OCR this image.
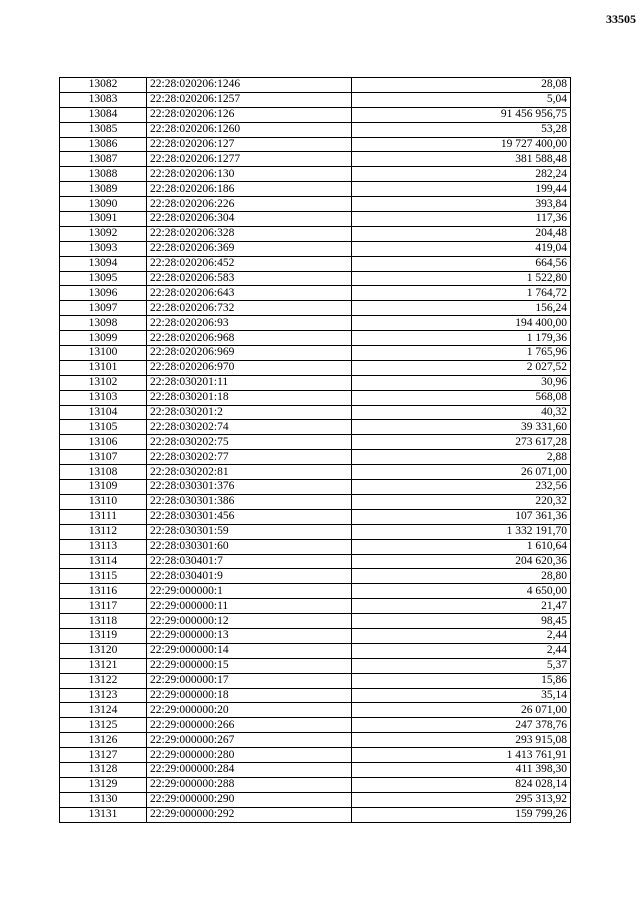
33505
13082	22:28:020206:1246	28,08
13083	22:28:020206:1257	5,04
13084	22:28:020206:126	91 456 956,75
13085	22:28:020206:1260	53,28
13086	22:28:020206:127	19 727 400,00
13087	22:28:020206:1277	381 588,48
13088	22:28:020206:130	282,24
13089	22:28:020206:186	199,44
13090	22:28:020206:226	393,84
13091	22:28:020206:304	117,36
13092	22:28:020206:328	204,48
13093	22:28:020206:369	419,04
13094	22:28:020206:452	664,56
13095	22:28:020206:583	1 522,80
13096	22:28:020206:643	1 764,72
13097	22:28:020206:732	156,24
13098	22:28:020206:93	194 400,00
13099	22:28:020206:968	1 179,36
13100	22:28:020206:969	1 765,96
13101	22:28:020206:970	2 027,52
13102	22:28:030201:11	30,96
13103	22:28:030201:18	568,08
13104	22:28:030201:2	40,32
13105	22:28:030202:74	39 331,60
13106	22:28:030202:75	273 617,28
13107	22:28:030202:77	2,88
13108	22:28:030202:81	26 071,00
13109	22:28:030301:376	232,56
13110	22:28:030301:386	220,32
13111	22:28:030301:456	107 361,36
13112	22:28:030301:59	1 332 191,70
13113	22:28:030301:60	1 610,64
13114	22:28:030401:7	204 620,36
13115	22:28:030401:9	28,80
13116	22:29:000000:1	4 650,00
13117	22:29:000000:11	21,47
13118	22:29:000000:12	98,45
13119	22:29:000000:13	2,44
13120	22:29:000000:14	2,44
13121	22:29:000000:15	5,37
13122	22:29:000000:17	15,86
13123	22:29:000000:18	35,14
13124	22:29:000000:20	26 071,00
13125	22:29:000000:266	247 378,76
13126	22:29:000000:267	293 915,08
13127	22:29:000000:280	1 413 761,91
13128	22:29:000000:284	411 398,30
13129	22:29:000000:288	824 028,14
13130	22:29:000000:290	295 313,92
13131	22:29:000000:292	159 799,26
